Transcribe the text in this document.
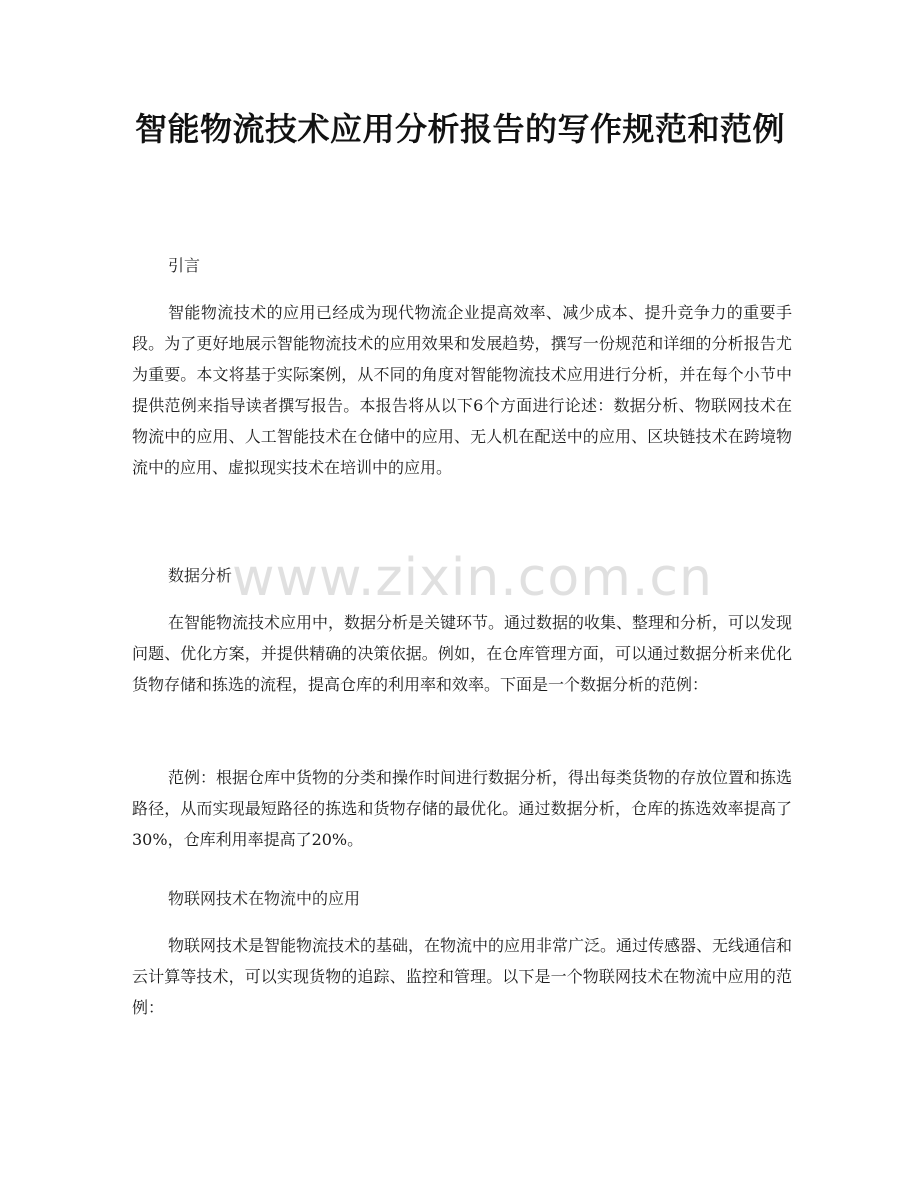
智能物流技术应用分析报告的写作规范和范例

引言

智能物流技术的应用已经成为现代物流企业提高效率、减少成本、提升竞争力的重要手段。为了更好地展示智能物流技术的应用效果和发展趋势，撰写一份规范和详细的分析报告尤为重要。本文将基于实际案例，从不同的角度对智能物流技术应用进行分析，并在每个小节中提供范例来指导读者撰写报告。本报告将从以下6个方面进行论述：数据分析、物联网技术在物流中的应用、人工智能技术在仓储中的应用、无人机在配送中的应用、区块链技术在跨境物流中的应用、虚拟现实技术在培训中的应用。

数据分析

在智能物流技术应用中，数据分析是关键环节。通过数据的收集、整理和分析，可以发现问题、优化方案，并提供精确的决策依据。例如，在仓库管理方面，可以通过数据分析来优化货物存储和拣选的流程，提高仓库的利用率和效率。下面是一个数据分析的范例：

范例：根据仓库中货物的分类和操作时间进行数据分析，得出每类货物的存放位置和拣选路径，从而实现最短路径的拣选和货物存储的最优化。通过数据分析，仓库的拣选效率提高了30%，仓库利用率提高了20%。

物联网技术在物流中的应用

物联网技术是智能物流技术的基础，在物流中的应用非常广泛。通过传感器、无线通信和云计算等技术，可以实现货物的追踪、监控和管理。以下是一个物联网技术在物流中应用的范例：

www.zixin.com.cn
